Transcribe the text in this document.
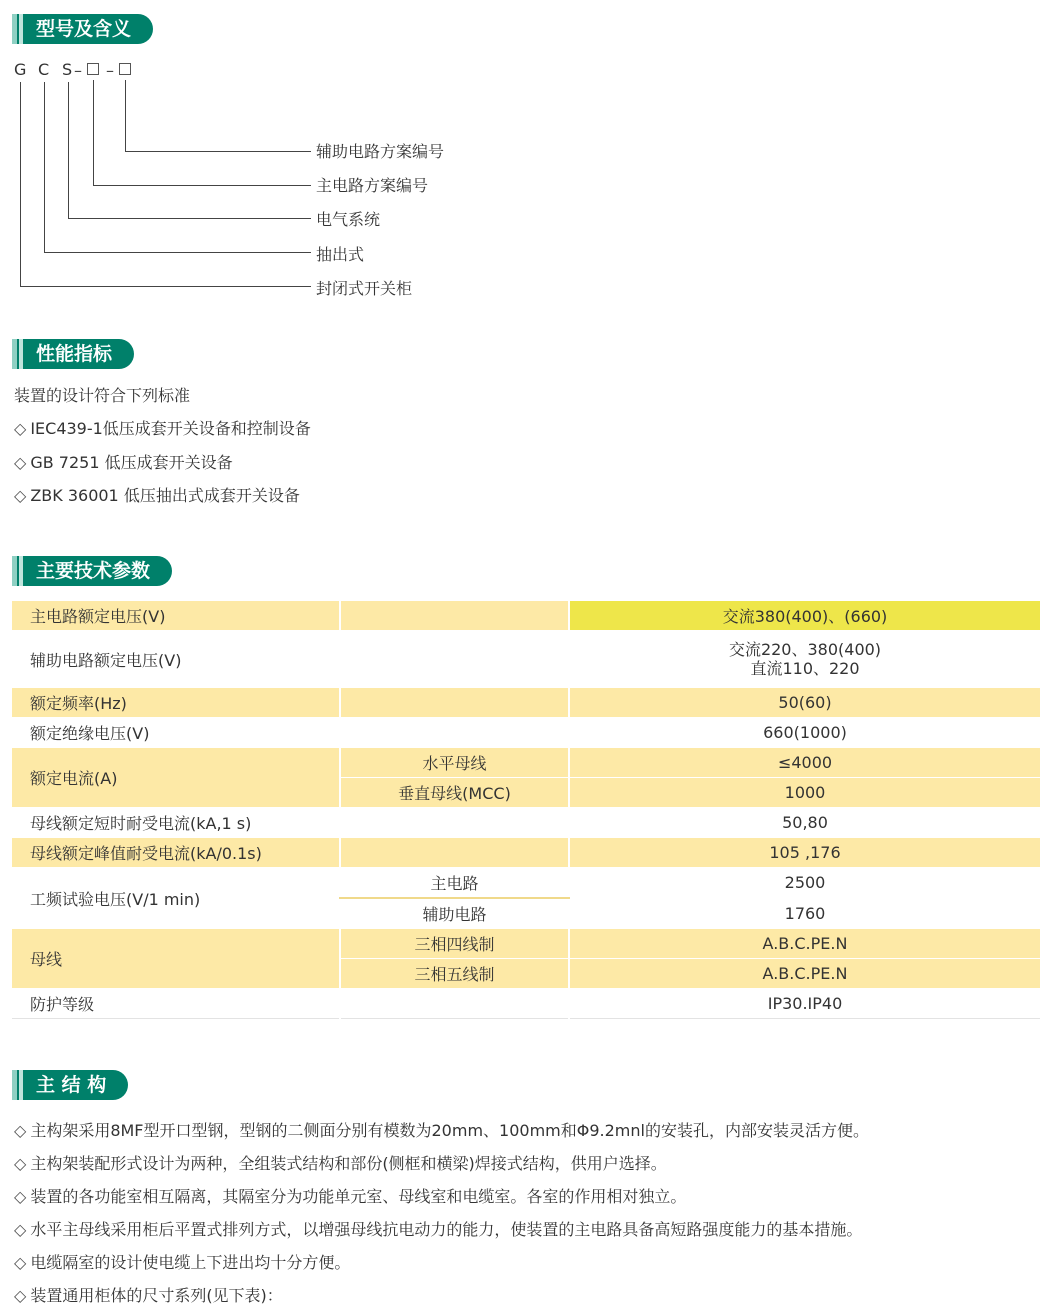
型号及含义
G C S – –
辅助电路方案编号
主电路方案编号
电气系统
抽出式
封闭式开关柜
性能指标
装置的设计符合下列标准
◇ IEC439-1低压成套开关设备和控制设备
◇ GB 7251 低压成套开关设备
◇ ZBK 36001 低压抽出式成套开关设备
主要技术参数
主电路额定电压(V)		交流380(400)、(660)
辅助电路额定电压(V)		交流220、380(400)
直流110、220

额定频率(Hz)		50(60)
额定绝缘电压(V)		660(1000)
额定电流(A)	水平母线	≤4000
	垂直母线(MCC)	1000
母线额定短时耐受电流(kA,1 s)		50,80
母线额定峰值耐受电流(kA/0.1s)		105 ,176
工频试验电压(V/1 min)	主电路	2500
	辅助电路	1760
母线	三相四线制	A.B.C.PE.N
	三相五线制	A.B.C.PE.N
防护等级		IP30.IP40
主 结 构
◇ 主构架采用8MF型开口型钢，型钢的二侧面分别有模数为20mm、100mm和Φ9.2mnl的安装孔，内部安装灵活方便。
◇ 主构架装配形式设计为两种，全组装式结构和部份(侧框和横梁)焊接式结构，供用户选择。
◇ 装置的各功能室相互隔离，其隔室分为功能单元室、母线室和电缆室。各室的作用相对独立。
◇ 水平主母线采用柜后平置式排列方式，以增强母线抗电动力的能力，使装置的主电路具备高短路强度能力的基本措施。
◇ 电缆隔室的设计使电缆上下进出均十分方便。
◇ 装置通用柜体的尺寸系列(见下表)：
